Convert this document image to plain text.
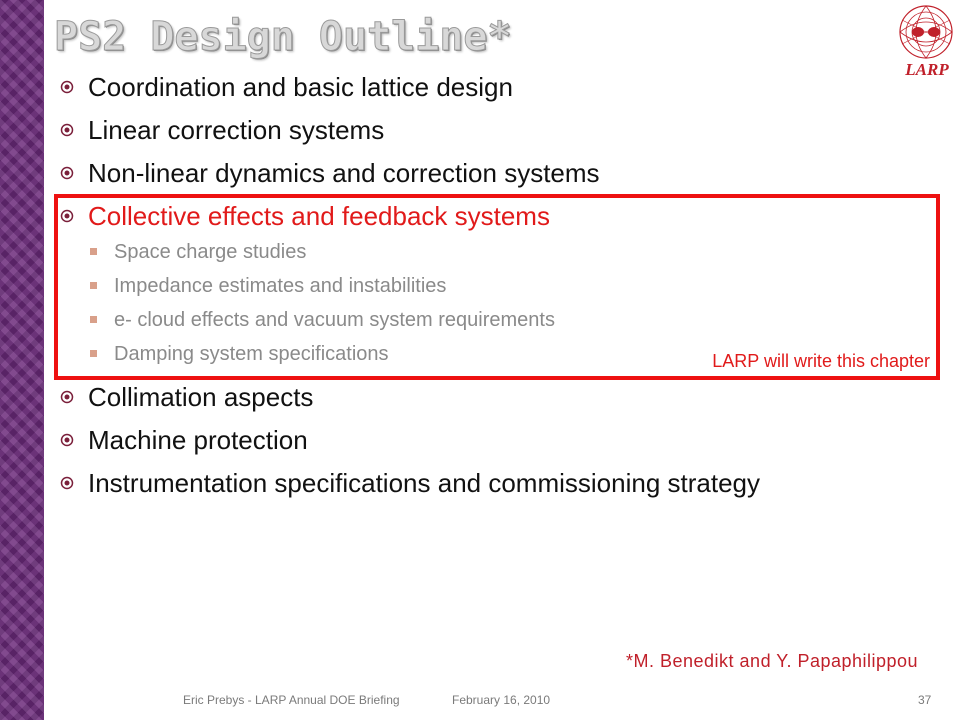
PS2 Design Outline*
LARP
Coordination and basic lattice design
Linear correction systems
Non-linear dynamics and correction systems
Collective effects and feedback systems
Space charge studies
Impedance estimates and instabilities
e- cloud effects and vacuum system requirements
Damping system specifications
Collimation aspects
Machine protection
Instrumentation specifications and commissioning strategy
LARP will write this chapter
*M. Benedikt and Y. Papaphilippou
Eric Prebys - LARP Annual DOE Briefing	February 16, 2010	37
